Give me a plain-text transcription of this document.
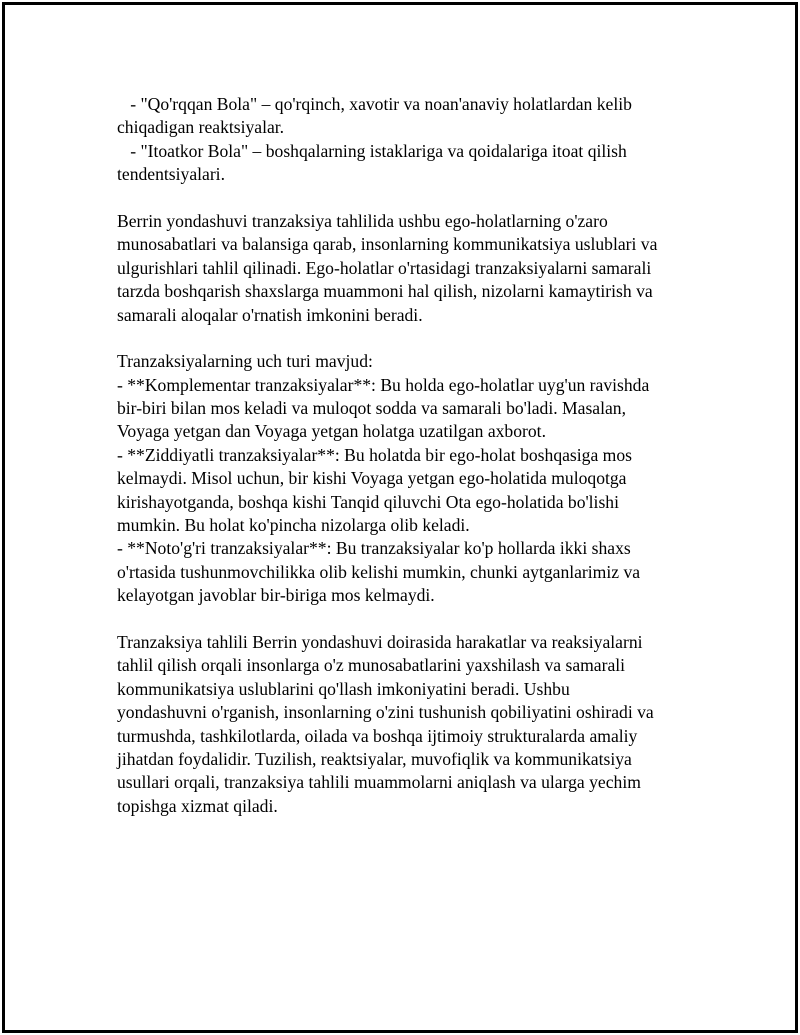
- "Qo'rqqan Bola" – qo'rqinch, xavotir va noan'anaviy holatlardan kelib
chiqadigan reaktsiyalar.
- "Itoatkor Bola" – boshqalarning istaklariga va qoidalariga itoat qilish
tendentsiyalari.
Berrin yondashuvi tranzaksiya tahlilida ushbu ego-holatlarning o'zaro
munosabatlari va balansiga qarab, insonlarning kommunikatsiya uslublari va
ulgurishlari tahlil qilinadi. Ego-holatlar o'rtasidagi tranzaksiyalarni samarali
tarzda boshqarish shaxslarga muammoni hal qilish, nizolarni kamaytirish va
samarali aloqalar o'rnatish imkonini beradi.
Tranzaksiyalarning uch turi mavjud:
- **Komplementar tranzaksiyalar**: Bu holda ego-holatlar uyg'un ravishda
bir-biri bilan mos keladi va muloqot sodda va samarali bo'ladi. Masalan,
Voyaga yetgan dan Voyaga yetgan holatga uzatilgan axborot.
- **Ziddiyatli tranzaksiyalar**: Bu holatda bir ego-holat boshqasiga mos
kelmaydi. Misol uchun, bir kishi Voyaga yetgan ego-holatida muloqotga
kirishayotganda, boshqa kishi Tanqid qiluvchi Ota ego-holatida bo'lishi
mumkin. Bu holat ko'pincha nizolarga olib keladi.
- **Noto'g'ri tranzaksiyalar**: Bu tranzaksiyalar ko'p hollarda ikki shaxs
o'rtasida tushunmovchilikka olib kelishi mumkin, chunki aytganlarimiz va
kelayotgan javoblar bir-biriga mos kelmaydi.
Tranzaksiya tahlili Berrin yondashuvi doirasida harakatlar va reaksiyalarni
tahlil qilish orqali insonlarga o'z munosabatlarini yaxshilash va samarali
kommunikatsiya uslublarini qo'llash imkoniyatini beradi. Ushbu
yondashuvni o'rganish, insonlarning o'zini tushunish qobiliyatini oshiradi va
turmushda, tashkilotlarda, oilada va boshqa ijtimoiy strukturalarda amaliy
jihatdan foydalidir. Tuzilish, reaktsiyalar, muvofiqlik va kommunikatsiya
usullari orqali, tranzaksiya tahlili muammolarni aniqlash va ularga yechim
topishga xizmat qiladi.
